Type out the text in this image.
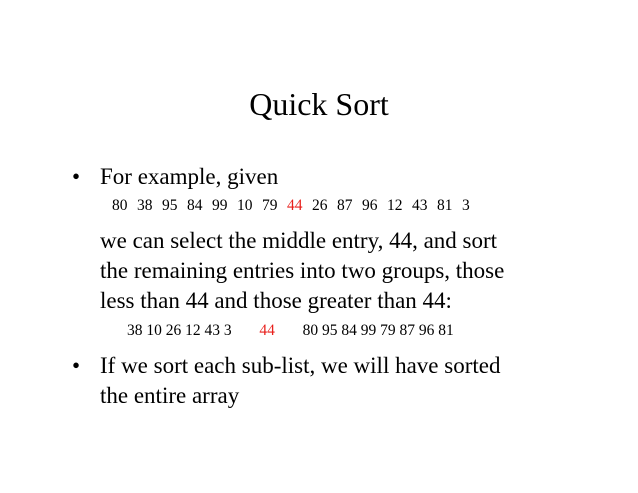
Quick Sort
• For example, given
80 38 95 84 99 10 79 44 26 87 96 12 43 81 3
we can select the middle entry, 44, and sort
the remaining entries into two groups, those
less than 44 and those greater than 44:
38 10 26 12 43 3 44 80 95 84 99 79 87 96 81
• If we sort each sub-list, we will have sorted
the entire array
